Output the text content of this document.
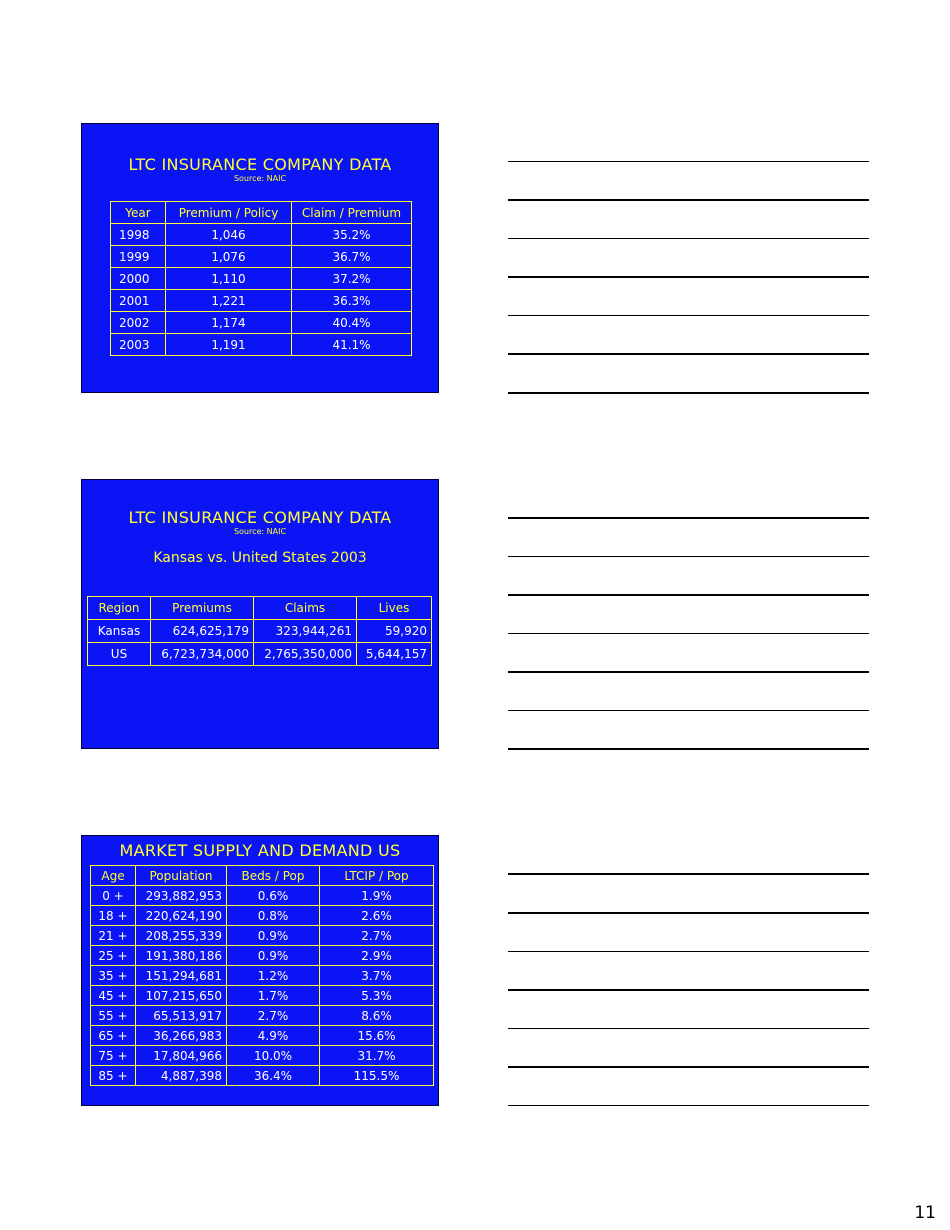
LTC INSURANCE COMPANY DATA
Source: NAIC
Year	Premium / Policy	Claim / Premium
1998	1,046	35.2%
1999	1,076	36.7%
2000	1,110	37.2%
2001	1,221	36.3%
2002	1,174	40.4%
2003	1,191	41.1%
LTC INSURANCE COMPANY DATA
Source: NAIC
Kansas vs. United States 2003
Region	Premiums	Claims	Lives
Kansas	624,625,179	323,944,261	59,920
US	6,723,734,000	2,765,350,000	5,644,157
MARKET SUPPLY AND DEMAND US
Age	Population	Beds / Pop	LTCIP / Pop
0 +	293,882,953	0.6%	1.9%
18 +	220,624,190	0.8%	2.6%
21 +	208,255,339	0.9%	2.7%
25 +	191,380,186	0.9%	2.9%
35 +	151,294,681	1.2%	3.7%
45 +	107,215,650	1.7%	5.3%
55 +	65,513,917	2.7%	8.6%
65 +	36,266,983	4.9%	15.6%
75 +	17,804,966	10.0%	31.7%
85 +	4,887,398	36.4%	115.5%
11
